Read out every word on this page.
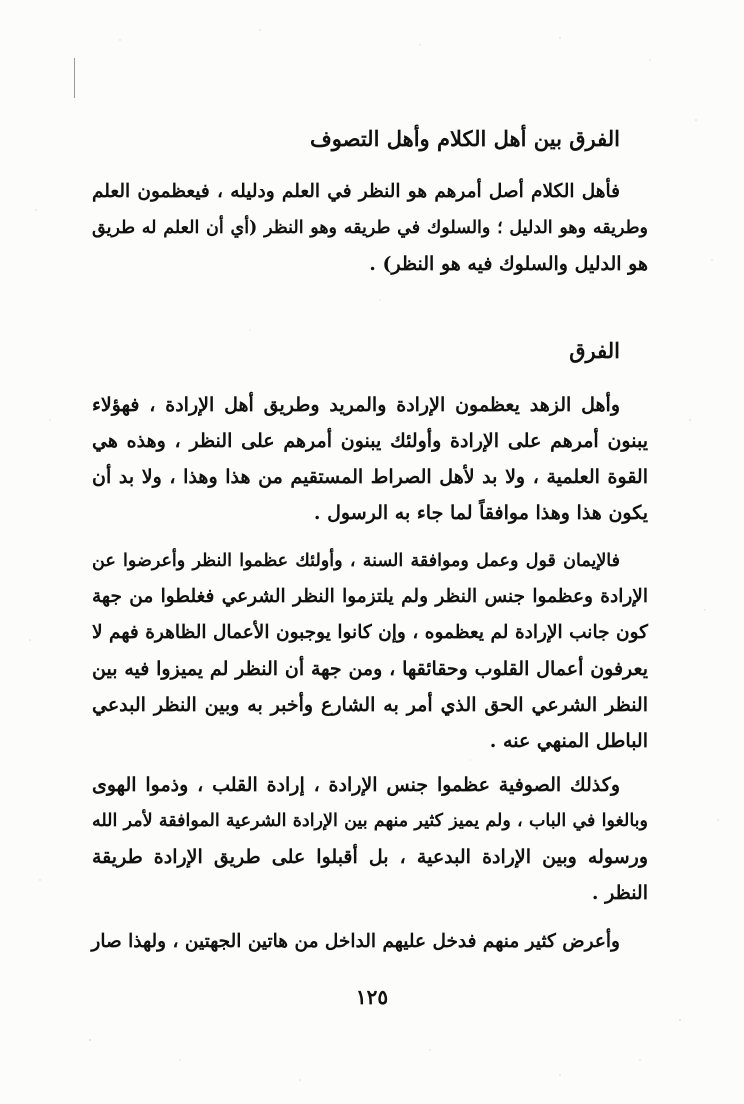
الفرق بين أهل الكلام وأهل التصوف

فأهل الكلام أصل أمرهم هو النظر في العلم ودليله ، فيعظمون العلم
وطريقه وهو الدليل ؛ والسلوك في طريقه وهو النظر (أي أن العلم له طريق
هو الدليل والسلوك فيه هو النظر) .

الفرق

وأهل الزهد يعظمون الإرادة والمريد وطريق أهل الإرادة ، فهؤلاء
يبنون أمرهم على الإرادة وأولئك يبنون أمرهم على النظر ، وهذه هي
القوة العلمية ، ولا بد لأهل الصراط المستقيم من هذا وهذا ، ولا بد أن
يكون هذا وهذا موافقاً لما جاء به الرسول .

فالإيمان قول وعمل وموافقة السنة ، وأولئك عظموا النظر وأعرضوا عن
الإرادة وعظموا جنس النظر ولم يلتزموا النظر الشرعي فغلطوا من جهة
كون جانب الإرادة لم يعظموه ، وإن كانوا يوجبون الأعمال الظاهرة فهم لا
يعرفون أعمال القلوب وحقائقها ، ومن جهة أن النظر لم يميزوا فيه بين
النظر الشرعي الحق الذي أمر به الشارع وأخبر به وبين النظر البدعي
الباطل المنهي عنه .

وكذلك الصوفية عظموا جنس الإرادة ، إرادة القلب ، وذموا الهوى
وبالغوا في الباب ، ولم يميز كثير منهم بين الإرادة الشرعية الموافقة لأمر الله
ورسوله وبين الإرادة البدعية ، بل أقبلوا على طريق الإرادة طريقة
النظر .

وأعرض كثير منهم فدخل عليهم الداخل من هاتين الجهتين ، ولهذا صار

١٢٥
